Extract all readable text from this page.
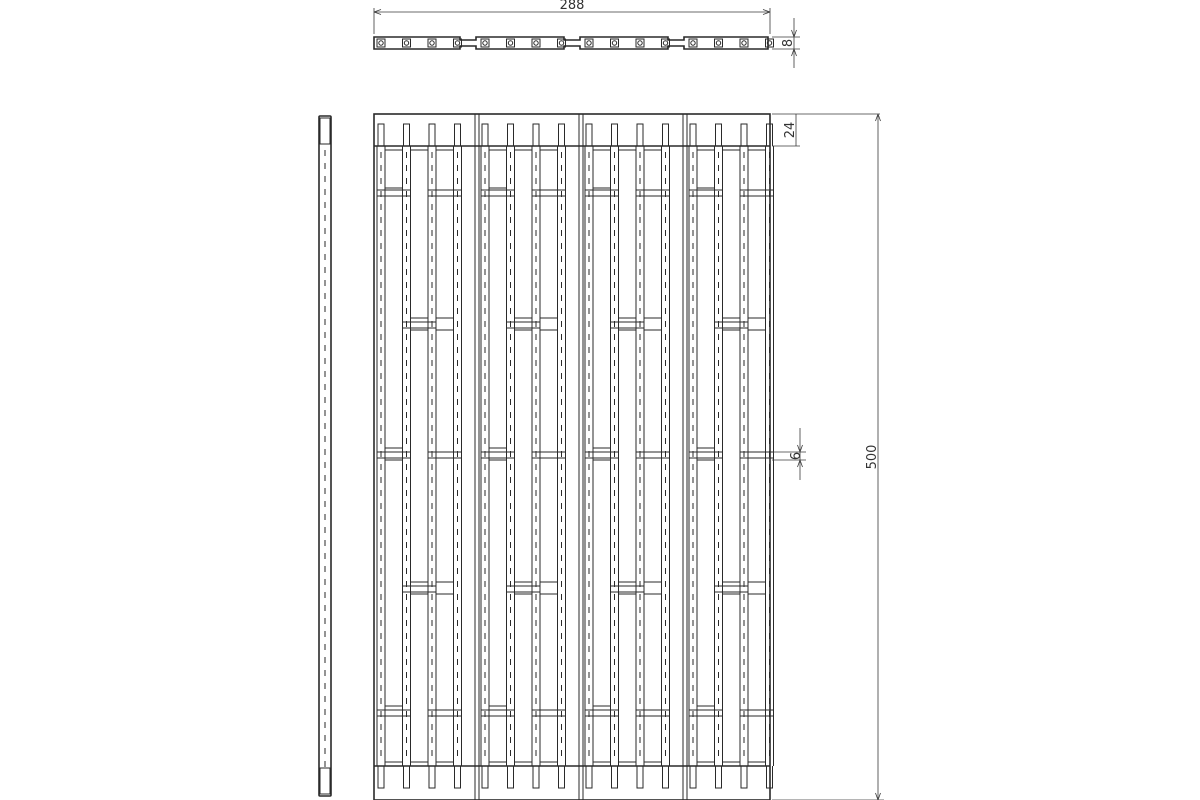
288
8
24
6	500
